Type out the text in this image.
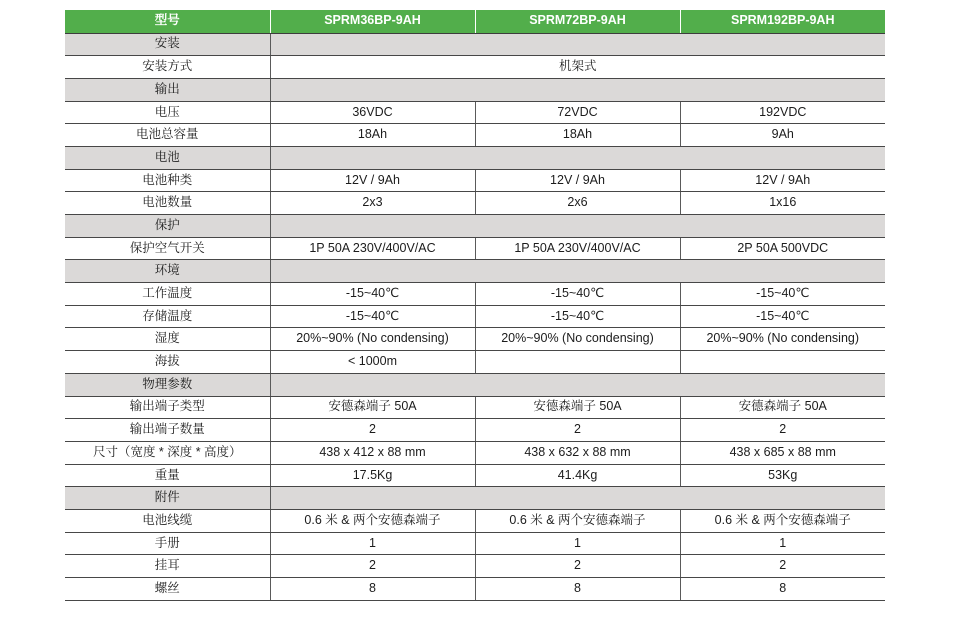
型号	SPRM36BP-9AH	SPRM72BP-9AH	SPRM192BP-9AH
安装			
安装方式	机架式		
输出			
电压	36VDC	72VDC	192VDC
电池总容量	18Ah	18Ah	9Ah
电池			
电池种类	12V / 9Ah	12V / 9Ah	12V / 9Ah
电池数量	2x3	2x6	1x16
保护			
保护空气开关	1P 50A 230V/400V/AC	1P 50A 230V/400V/AC	2P 50A 500VDC
环境			
工作温度	-15~40℃	-15~40℃	-15~40℃
存储温度	-15~40℃	-15~40℃	-15~40℃
湿度	20%~90% (No condensing)	20%~90% (No condensing)	20%~90% (No condensing)
海拔	< 1000m		
物理参数			
输出端子类型	安德森端子 50A	安德森端子 50A	安德森端子 50A
输出端子数量	2	2	2
尺寸（宽度 * 深度 * 高度）	438 x 412 x 88 mm	438 x 632 x 88 mm	438 x 685 x 88 mm
重量	17.5Kg	41.4Kg	53Kg
附件			
电池线缆	0.6 米 & 两个安德森端子	0.6 米 & 两个安德森端子	0.6 米 & 两个安德森端子
手册	1	1	1
挂耳	2	2	2
螺丝	8	8	8
